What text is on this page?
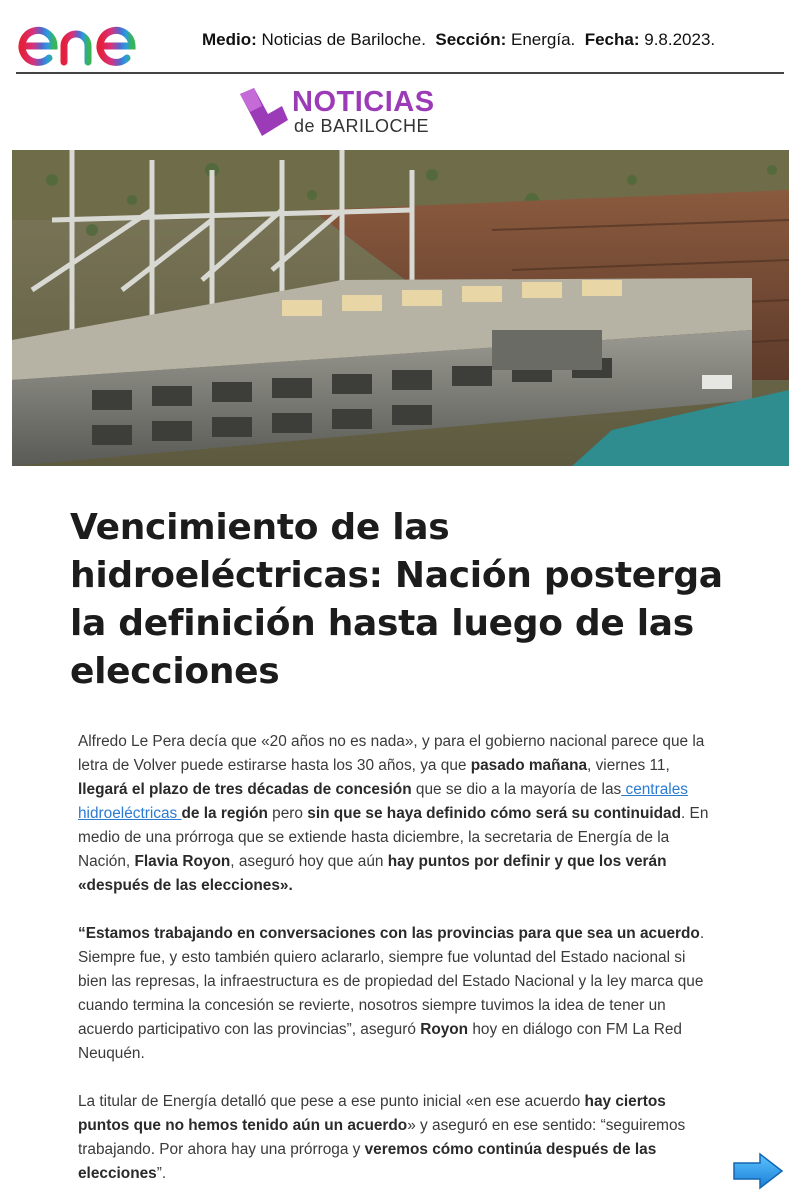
Medio: Noticias de Bariloche. Sección: Energía. Fecha: 9.8.2023.
NOTICIAS
de BARILOCHE
Vencimiento de las hidroeléctricas: Nación posterga la definición hasta luego de las elecciones

Alfredo Le Pera decía que «20 años no es nada», y para el gobierno nacional parece que la letra de Volver puede estirarse hasta los 30 años, ya que pasado mañana, viernes 11, llegará el plazo de tres décadas de concesión que se dio a la mayoría de las centrales hidroeléctricas de la región pero sin que se haya definido cómo será su continuidad. En medio de una prórroga que se extiende hasta diciembre, la secretaria de Energía de la Nación, Flavia Royon, aseguró hoy que aún hay puntos por definir y que los verán «después de las elecciones».

“Estamos trabajando en conversaciones con las provincias para que sea un acuerdo. Siempre fue, y esto también quiero aclararlo, siempre fue voluntad del Estado nacional si bien las represas, la infraestructura es de propiedad del Estado Nacional y la ley marca que cuando termina la concesión se revierte, nosotros siempre tuvimos la idea de tener un acuerdo participativo con las provincias”, aseguró Royon hoy en diálogo con FM La Red Neuquén.

La titular de Energía detalló que pese a ese punto inicial «en ese acuerdo hay ciertos puntos que no hemos tenido aún un acuerdo» y aseguró en ese sentido: “seguiremos trabajando. Por ahora hay una prórroga y veremos cómo continúa después de las elecciones”.
